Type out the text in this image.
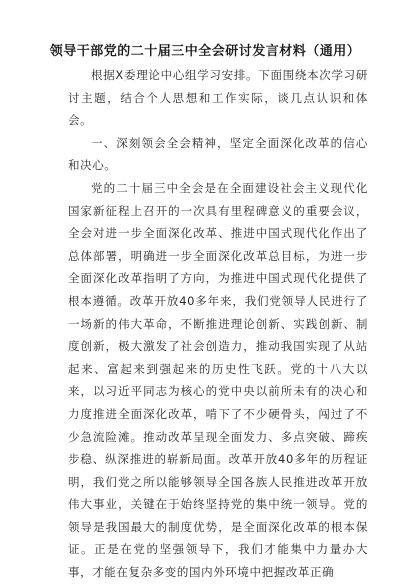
领导干部党的二十届三中全会研讨发言材料（通用）

根据X委理论中心组学习安排。下面围绕本次学习研讨主题，结合个人思想和工作实际，谈几点认识和体会。

一、深刻领会全会精神，坚定全面深化改革的信心和决心。

党的二十届三中全会是在全面建设社会主义现代化国家新征程上召开的一次具有里程碑意义的重要会议，全会对进一步全面深化改革、推进中国式现代化作出了总体部署，明确进一步全面深化改革总目标，为进一步全面深化改革指明了方向，为推进中国式现代化提供了根本遵循。改革开放40多年来，我们党领导人民进行了一场新的伟大革命，不断推进理论创新、实践创新、制度创新，极大激发了社会创造力，推动我国实现了从站起来、富起来到强起来的历史性飞跃。党的十八大以来，以习近平同志为核心的党中央以前所未有的决心和力度推进全面深化改革，啃下了不少硬骨头，闯过了不少急流险滩。推动改革呈现全面发力、多点突破、蹄疾步稳、纵深推进的崭新局面。改革开放40多年的历程证明，我们党之所以能够领导全国各族人民推进改革开放伟大事业，关键在于始终坚持党的集中统一领导。党的领导是我国最大的制度优势，是全面深化改革的根本保证。正是在党的坚强领导下，我们才能集中力量办大事，才能在复杂多变的国内外环境中把握改革正确
